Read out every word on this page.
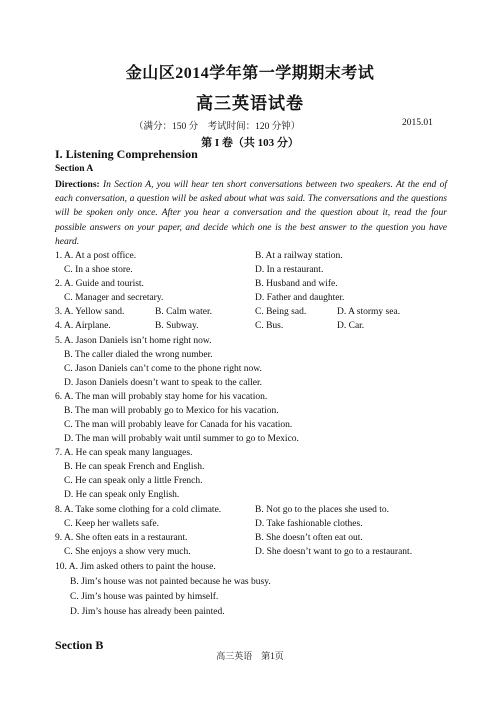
金山区2014学年第一学期期末考试
高三英语试卷
（满分：150 分　考试时间：120 分钟）	2015.01
第 I 卷（共 103 分）
I. Listening Comprehension
Section A
Directions: In Section A, you will hear ten short conversations between two speakers. At the end of each conversation, a question will be asked about what was said. The conversations and the questions will be spoken only once. After you hear a conversation and the question about it, read the four possible answers on your paper, and decide which one is the best answer to the question you have heard.
1. A. At a post office.	B. At a railway station.
C. In a shoe store.	D. In a restaurant.
2. A. Guide and tourist.	B. Husband and wife.
C. Manager and secretary.	D. Father and daughter.
3. A. Yellow sand.	B. Calm water.	C. Being sad.	D. A stormy sea.
4. A. Airplane.	B. Subway.	C. Bus.	D. Car.
5. A. Jason Daniels isn’t home right now.
B. The caller dialed the wrong number.
C. Jason Daniels can’t come to the phone right now.
D. Jason Daniels doesn’t want to speak to the caller.
6. A. The man will probably stay home for his vacation.
B. The man will probably go to Mexico for his vacation.
C. The man will probably leave for Canada for his vacation.
D. The man will probably wait until summer to go to Mexico.
7. A. He can speak many languages.
B. He can speak French and English.
C. He can speak only a little French.
D. He can speak only English.
8. A. Take some clothing for a cold climate.	B. Not go to the places she used to.
C. Keep her wallets safe.	D. Take fashionable clothes.
9. A. She often eats in a restaurant.	B. She doesn’t often eat out.
C. She enjoys a show very much.	D. She doesn’t want to go to a restaurant.
10. A. Jim asked others to paint the house.
B. Jim’s house was not painted because he was busy.
C. Jim’s house was painted by himself.
D. Jim’s house has already been painted.
Section B
高三英语　第1页
